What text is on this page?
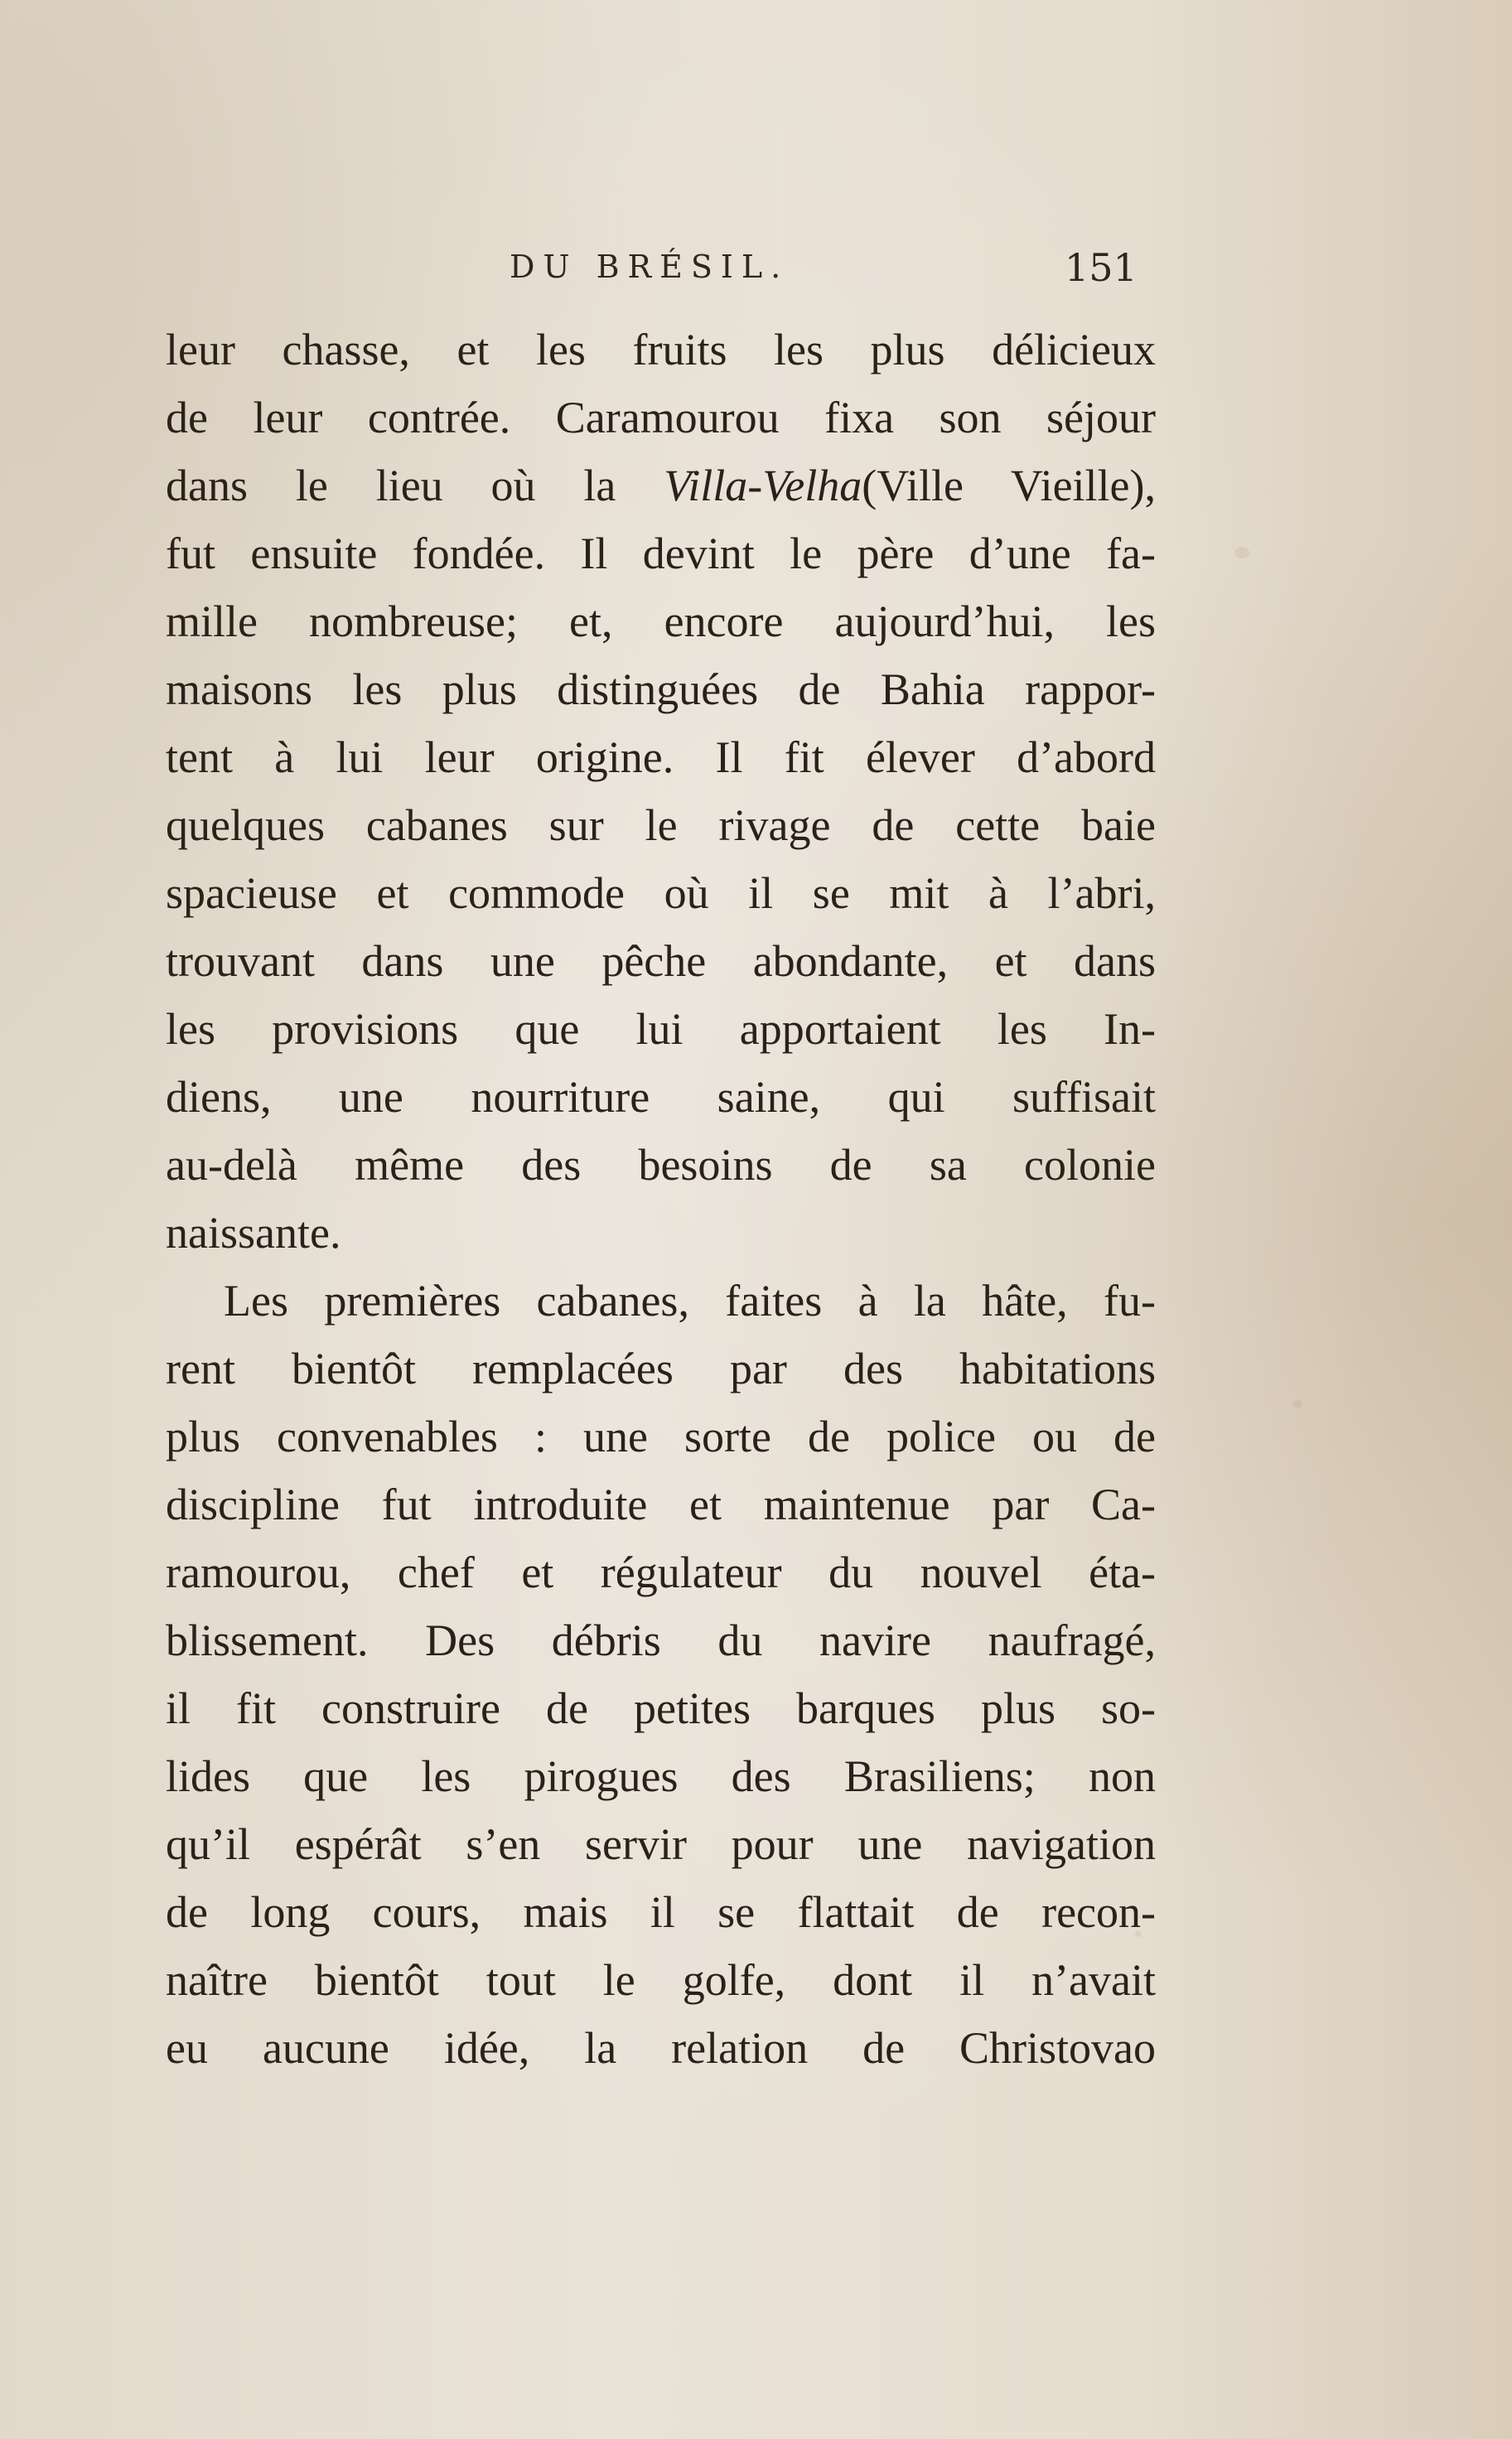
DU BRÉSIL.	151
leur chasse, et les fruits les plus délicieux
de leur contrée. Caramourou fixa son séjour
dans le lieu où la Villa-Velha(Ville Vieille),
fut ensuite fondée. Il devint le père d’une fa-
mille nombreuse; et, encore aujourd’hui, les
maisons les plus distinguées de Bahia rappor-
tent à lui leur origine. Il fit élever d’abord
quelques cabanes sur le rivage de cette baie
spacieuse et commode où il se mit à l’abri,
trouvant dans une pêche abondante, et dans
les provisions que lui apportaient les In-
diens, une nourriture saine, qui suffisait
au-delà même des besoins de sa colonie
naissante.
Les premières cabanes, faites à la hâte, fu-
rent bientôt remplacées par des habitations
plus convenables : une sorte de police ou de
discipline fut introduite et maintenue par Ca-
ramourou, chef et régulateur du nouvel éta-
blissement. Des débris du navire naufragé,
il fit construire de petites barques plus so-
lides que les pirogues des Brasiliens; non
qu’il espérât s’en servir pour une navigation
de long cours, mais il se flattait de recon-
naître bientôt tout le golfe, dont il n’avait
eu aucune idée, la relation de Christovao
